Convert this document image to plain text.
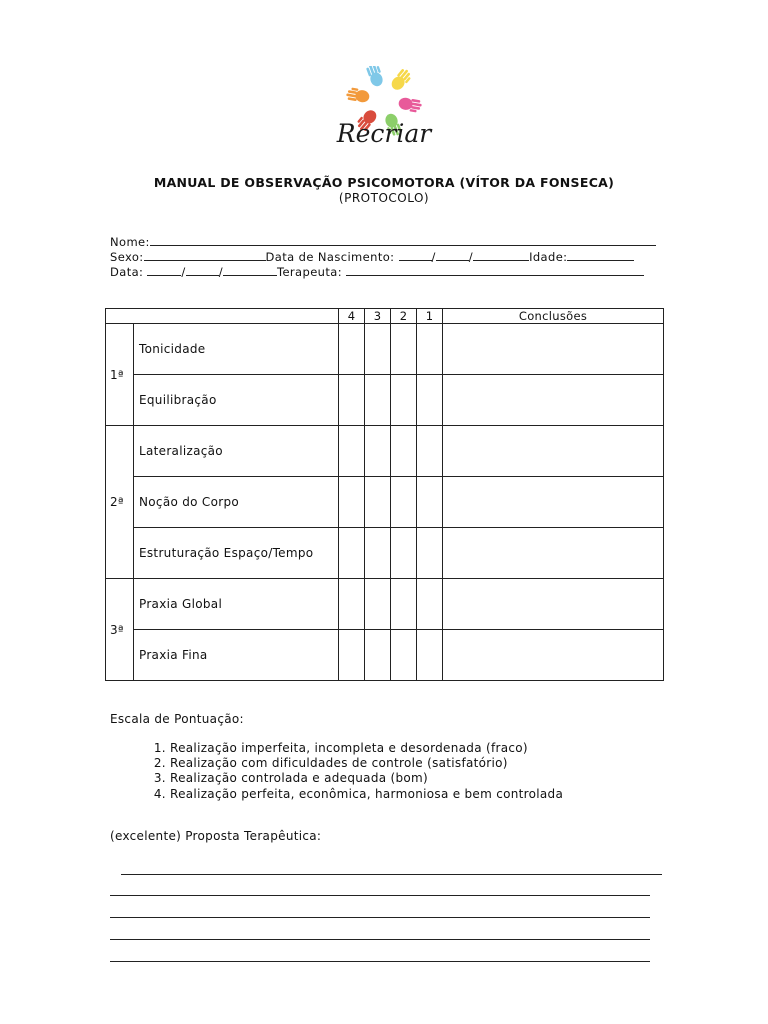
Recriar
MANUAL DE OBSERVAÇÃO PSICOMOTORA (VÍTOR DA FONSECA)
(PROTOCOLO)
Nome:
Sexo:	Data de Nascimento:	/	/	Idade:
Data:	/	/	Terapeuta:
		4	3	2	1	Conclusões
1ª	Tonicidade					
	Equilibração					
2ª	Lateralização					
	Noção do Corpo					
	Estruturação Espaço/Tempo					
3ª	Praxia Global					
	Praxia Fina					
Escala de Pontuação:
1. Realização imperfeita, incompleta e desordenada (fraco)
2. Realização com dificuldades de controle (satisfatório)
3. Realização controlada e adequada (bom)
4. Realização perfeita, econômica, harmoniosa e bem controlada
(excelente) Proposta Terapêutica:
